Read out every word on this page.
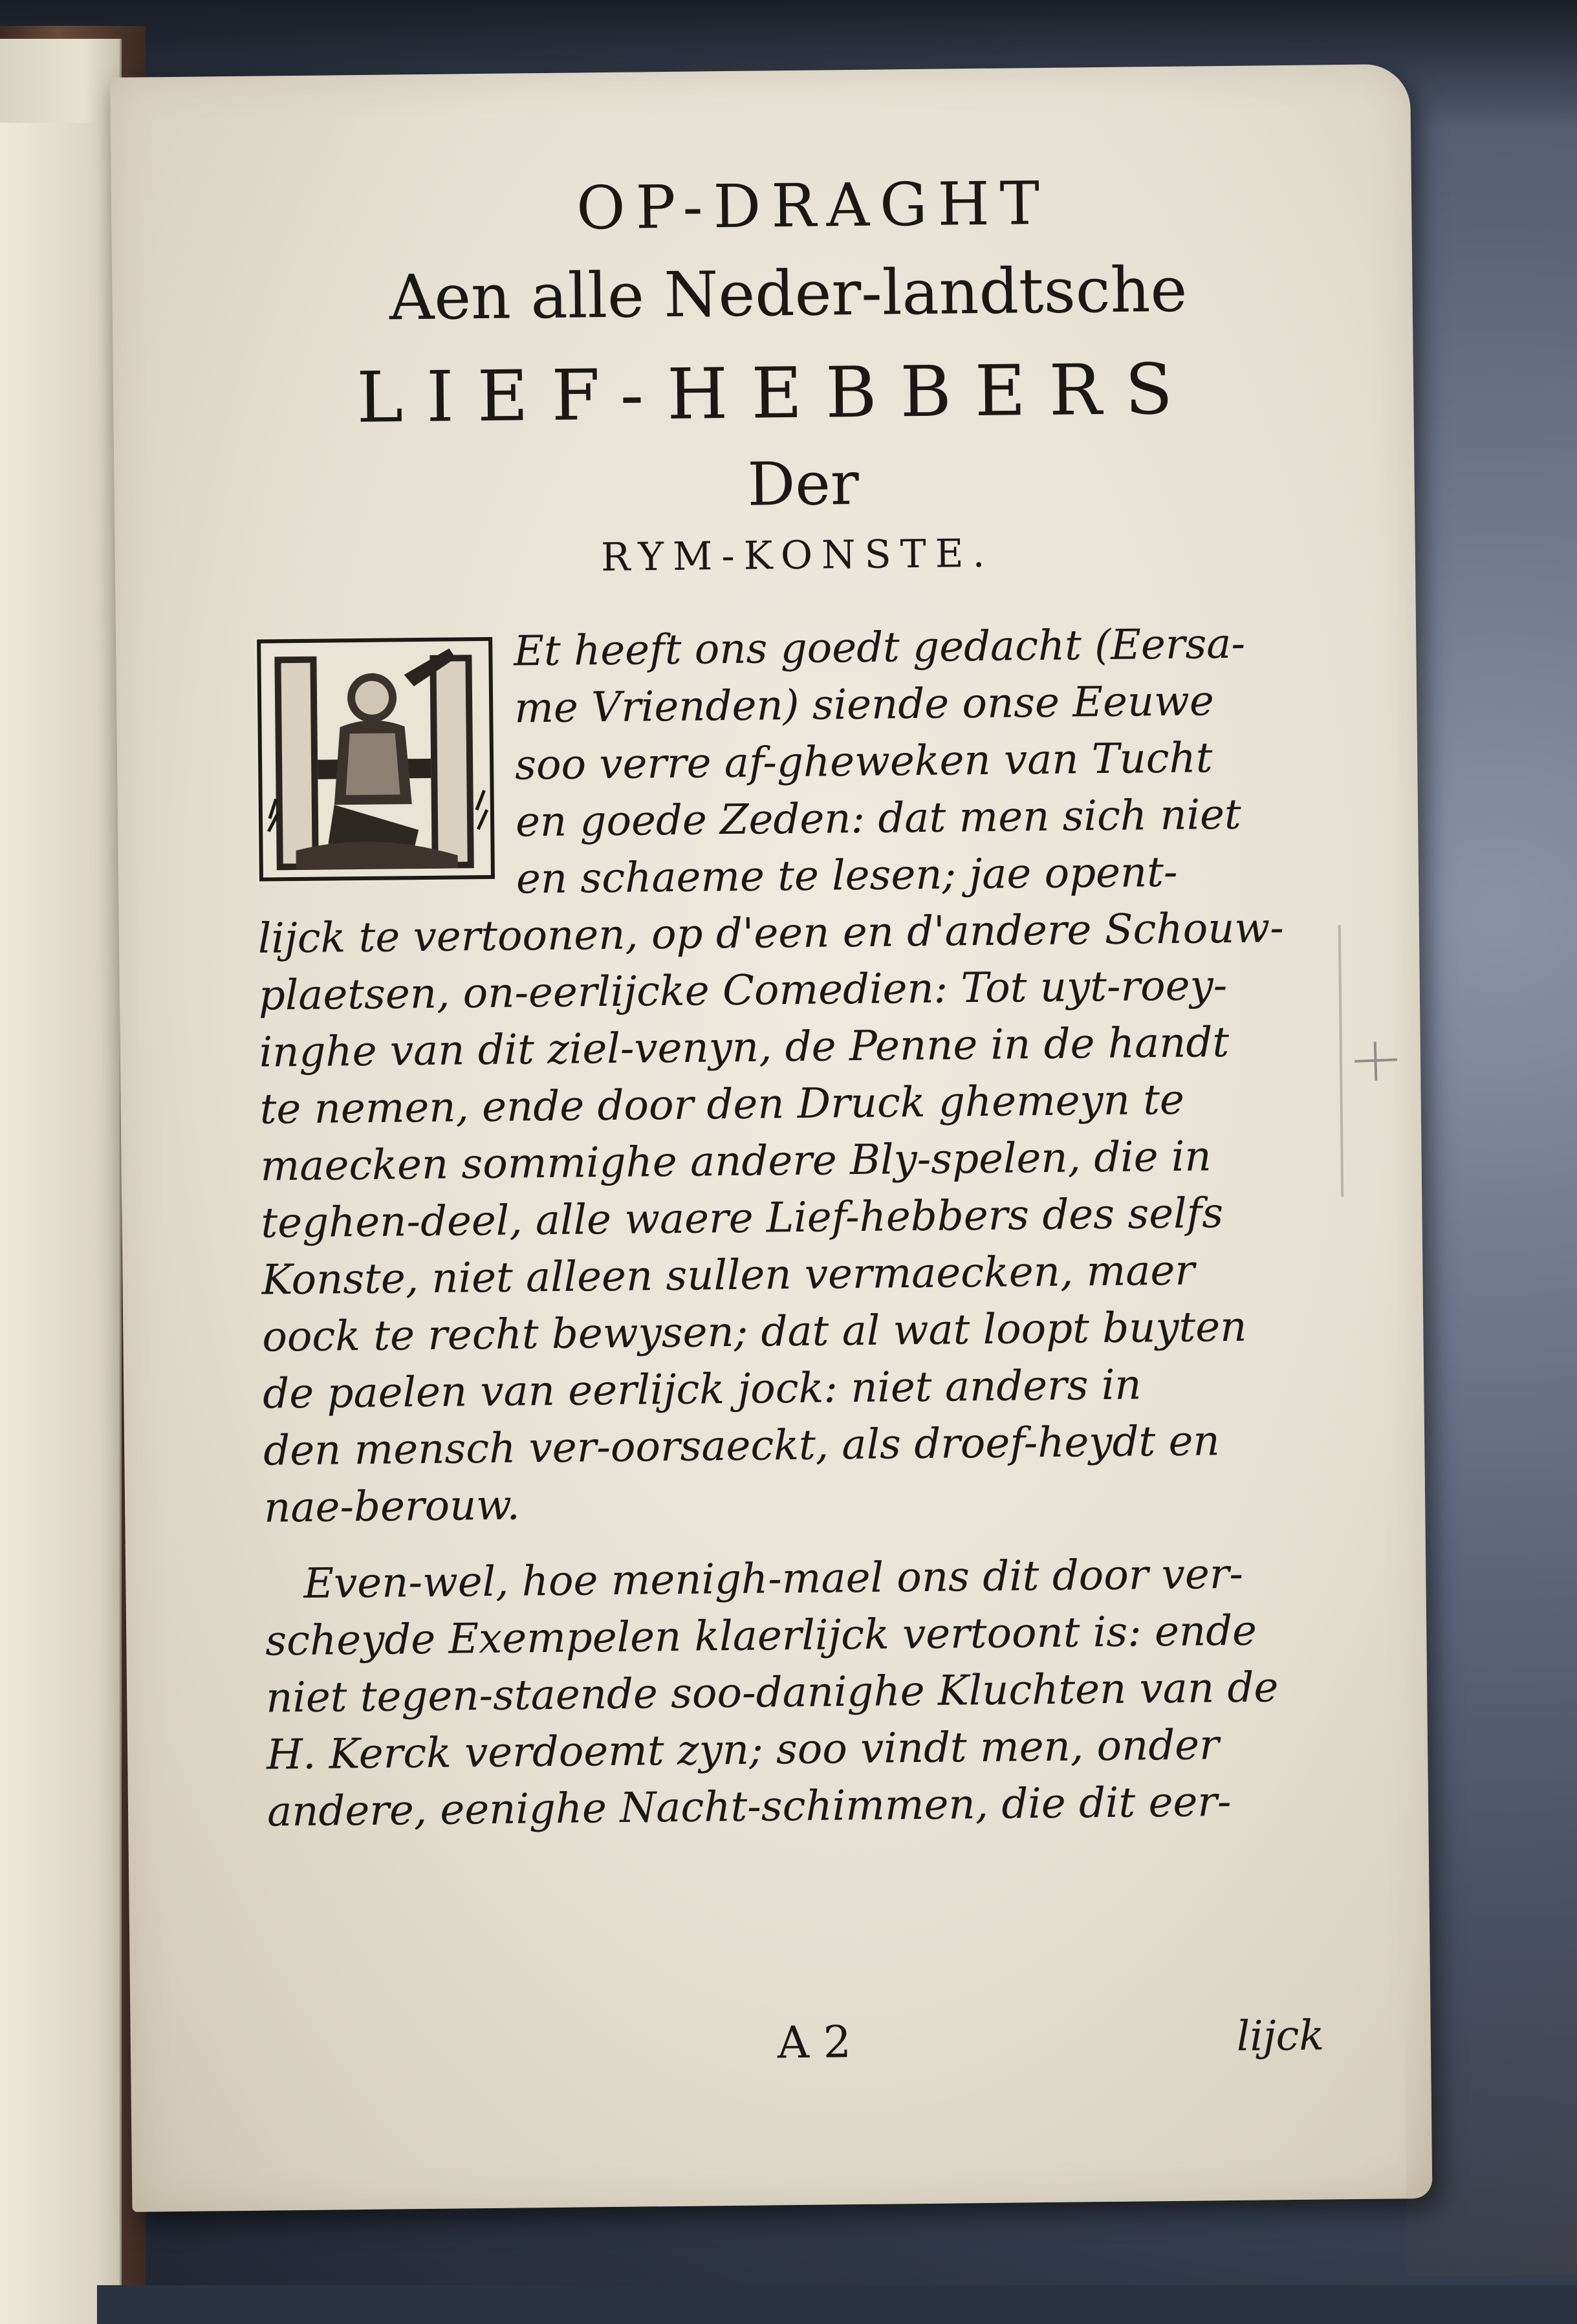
OP-DRAGHT
Aen alle Neder-landtsche
LIEF-HEBBERS
Der
RYM-KONSTE.
Et heeft ons goedt gedacht (Eersa-
me Vrienden) siende onse Eeuwe
soo verre af-gheweken van Tucht
en goede Zeden: dat men sich niet
en schaeme te lesen; jae opent-
lijck te vertoonen, op d'een en d'andere Schouw-
plaetsen, on-eerlijcke Comedien: Tot uyt-roey-
inghe van dit ziel-venyn, de Penne in de handt
te nemen, ende door den Druck ghemeyn te
maecken sommighe andere Bly-spelen, die in
teghen-deel, alle waere Lief-hebbers des selfs
Konste, niet alleen sullen vermaecken, maer
oock te recht bewysen; dat al wat loopt buyten
de paelen van eerlijck jock: niet anders in
den mensch ver-oorsaeckt, als droef-heydt en
nae-berouw.
Even-wel, hoe menigh-mael ons dit door ver-
scheyde Exempelen klaerlijck vertoont is: ende
niet tegen-staende soo-danighe Kluchten van de
H. Kerck verdoemt zyn; soo vindt men, onder
andere, eenighe Nacht-schimmen, die dit eer-
A 2	lijck
